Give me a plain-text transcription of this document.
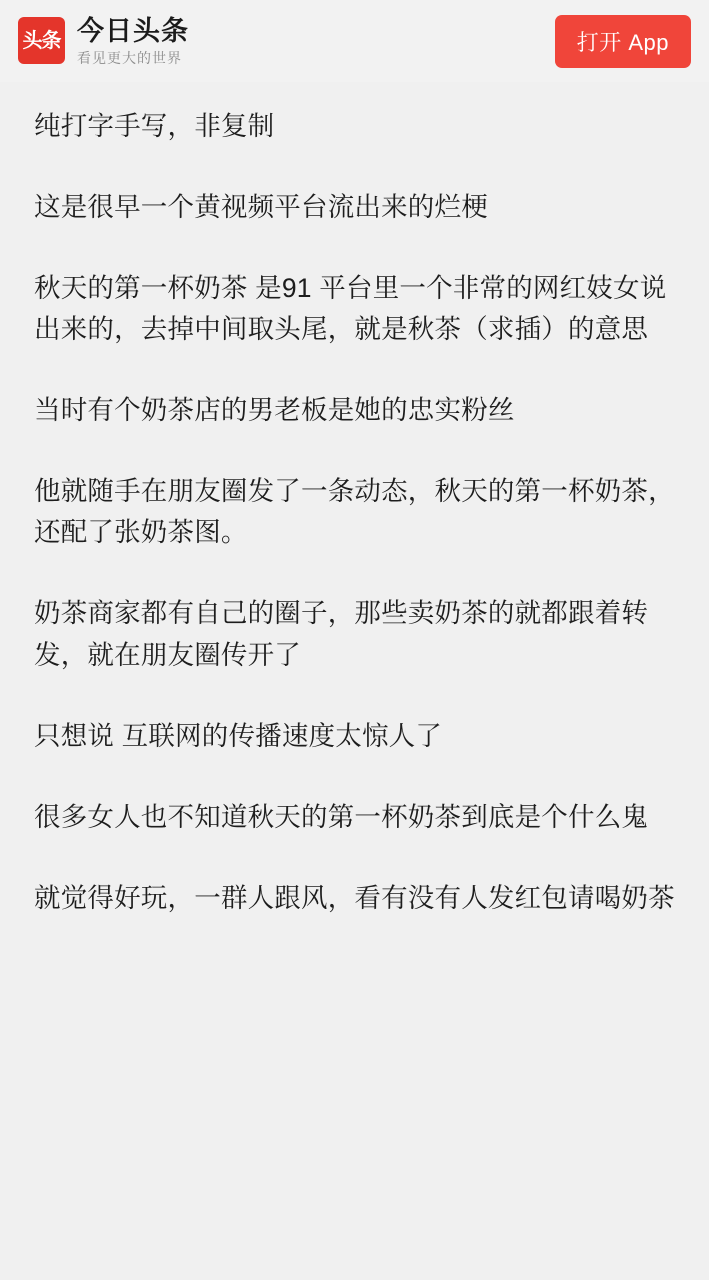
头条 今日头条
看见更大的世界
打开 App

纯打字手写，非复制

这是很早一个黄视频平台流出来的烂梗

秋天的第一杯奶茶 是91 平台里一个非常的网红妓女说出来的，去掉中间取头尾，就是秋茶（求插）的意思

当时有个奶茶店的男老板是她的忠实粉丝

他就随手在朋友圈发了一条动态，秋天的第一杯奶茶，还配了张奶茶图。

奶茶商家都有自己的圈子，那些卖奶茶的就都跟着转发，就在朋友圈传开了

只想说 互联网的传播速度太惊人了

很多女人也不知道秋天的第一杯奶茶到底是个什么鬼

就觉得好玩，一群人跟风，看有没有人发红包请喝奶茶
